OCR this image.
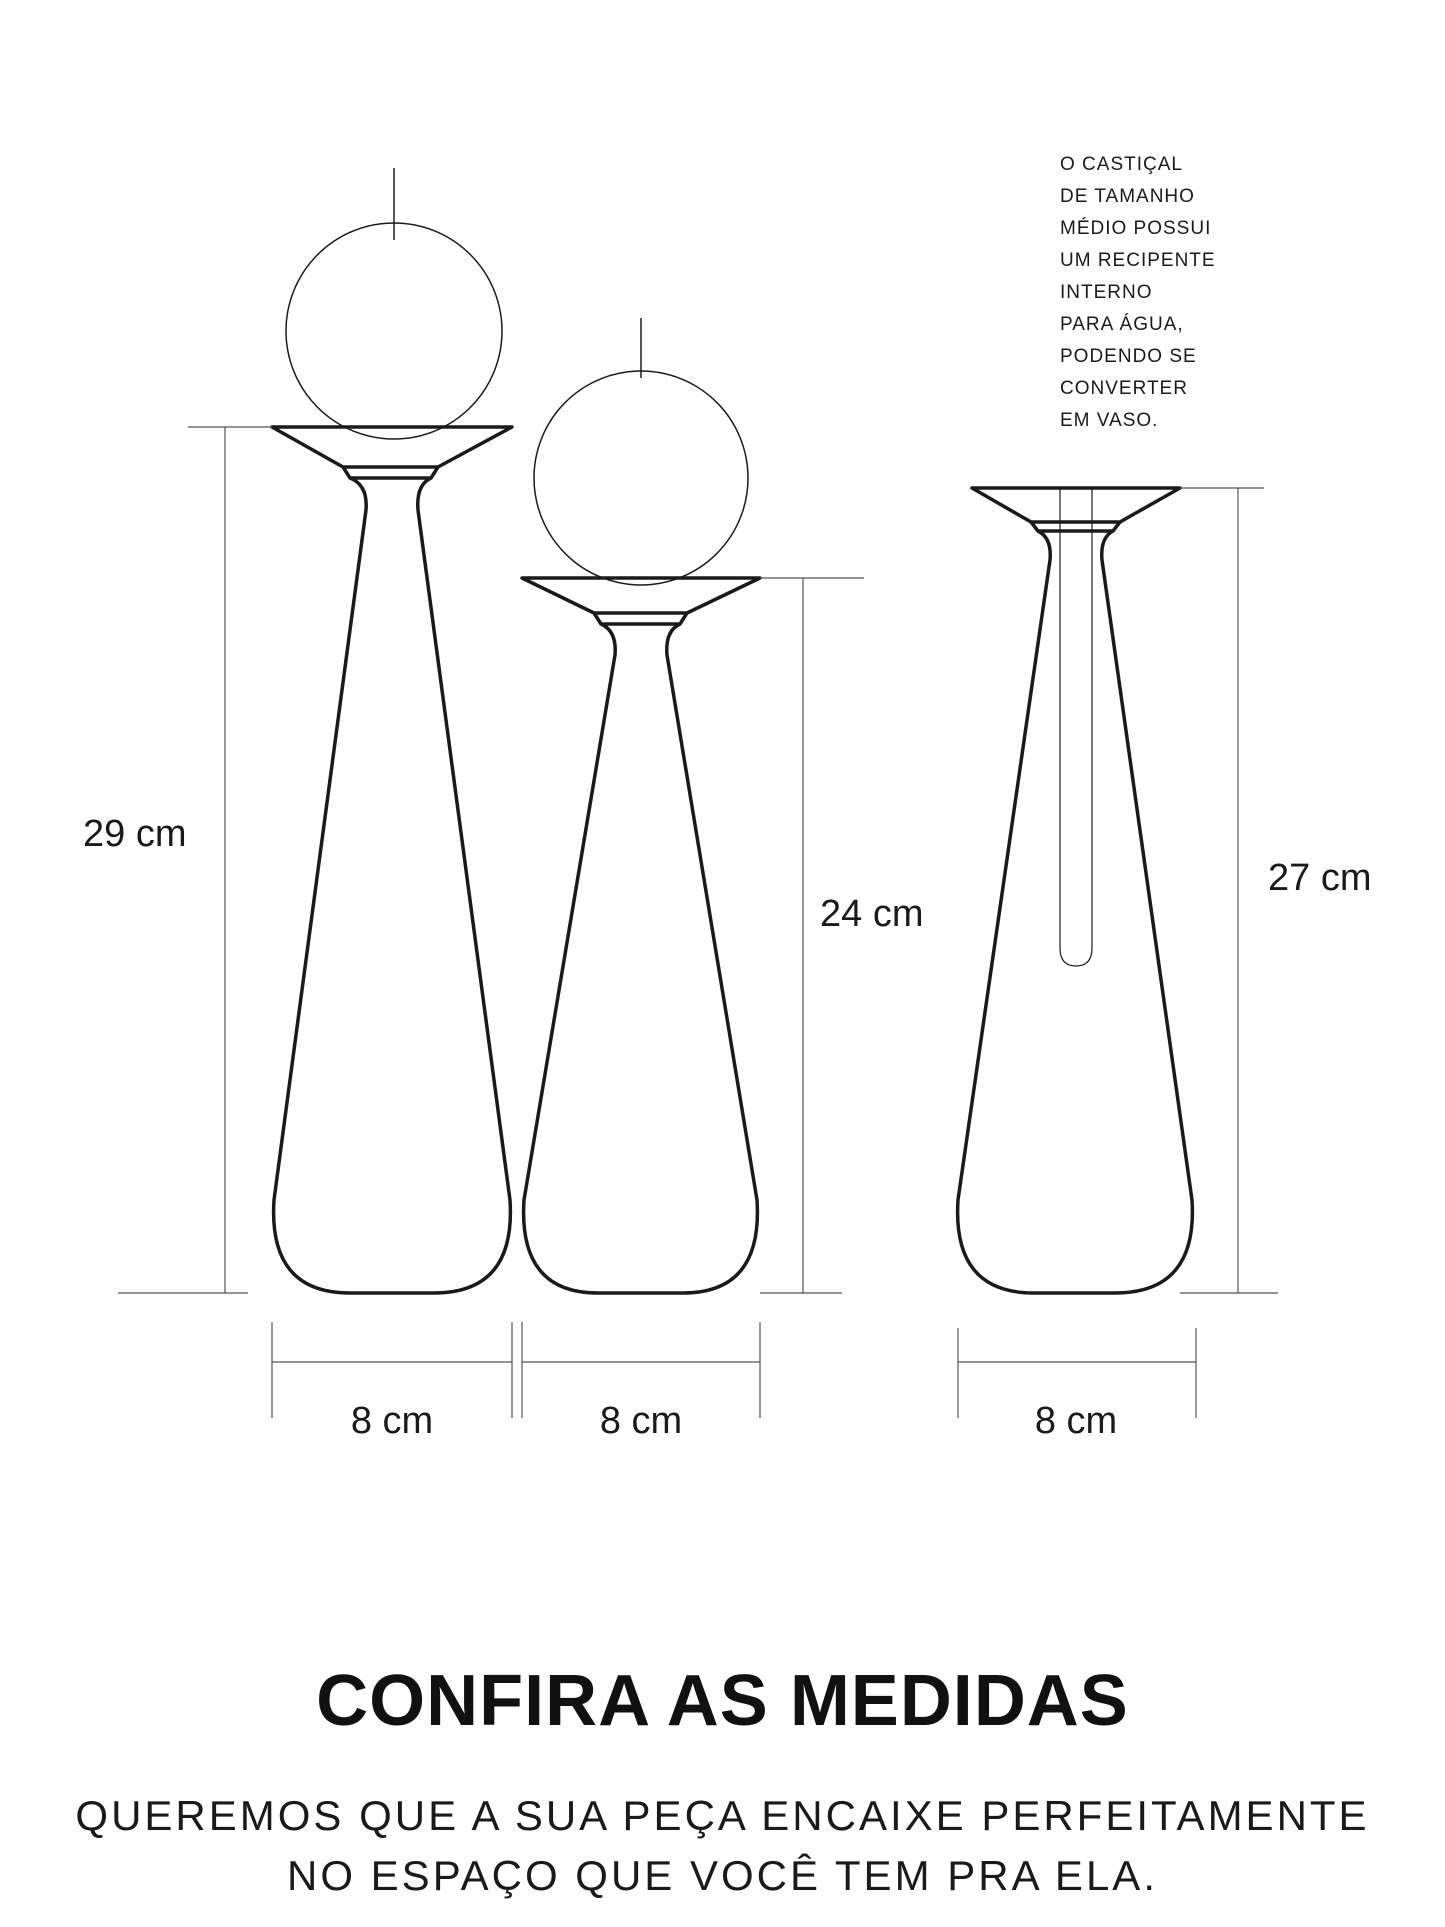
29 cm
8 cm
24 cm
8 cm
27 cm
8 cm
O CASTIÇAL
DE TAMANHO
MÉDIO POSSUI
UM RECIPENTE
INTERNO
PARA ÁGUA,
PODENDO SE
CONVERTER
EM VASO.
CONFIRA AS MEDIDAS
QUEREMOS QUE A SUA PEÇA ENCAIXE PERFEITAMENTE
NO ESPAÇO QUE VOCÊ TEM PRA ELA.
